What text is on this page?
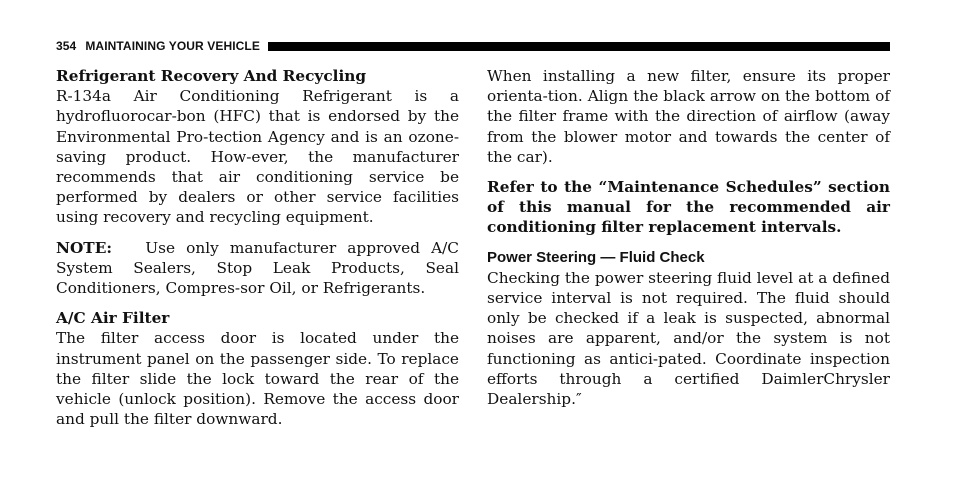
354 MAINTAINING YOUR VEHICLE

Refrigerant Recovery And Recycling
R-134a Air Conditioning Refrigerant is a hydrofluorocar-bon (HFC) that is endorsed by the Environmental Pro-tection Agency and is an ozone-saving product. How-ever, the manufacturer recommends that air conditioning service be performed by dealers or other service facilities using recovery and recycling equipment.

NOTE: Use only manufacturer approved A/C System Sealers, Stop Leak Products, Seal Conditioners, Compres-sor Oil, or Refrigerants.

A/C Air Filter
The filter access door is located under the instrument panel on the passenger side. To replace the filter slide the lock toward the rear of the vehicle (unlock position). Remove the access door and pull the filter downward.

When installing a new filter, ensure its proper orienta-tion. Align the black arrow on the bottom of the filter frame with the direction of airflow (away from the blower motor and towards the center of the car).

Refer to the “Maintenance Schedules” section of this manual for the recommended air conditioning filter replacement intervals.

Power Steering — Fluid Check
Checking the power steering fluid level at a defined service interval is not required. The fluid should only be checked if a leak is suspected, abnormal noises are apparent, and/or the system is not functioning as antici-pated. Coordinate inspection efforts through a certified DaimlerChrysler Dealership.″
